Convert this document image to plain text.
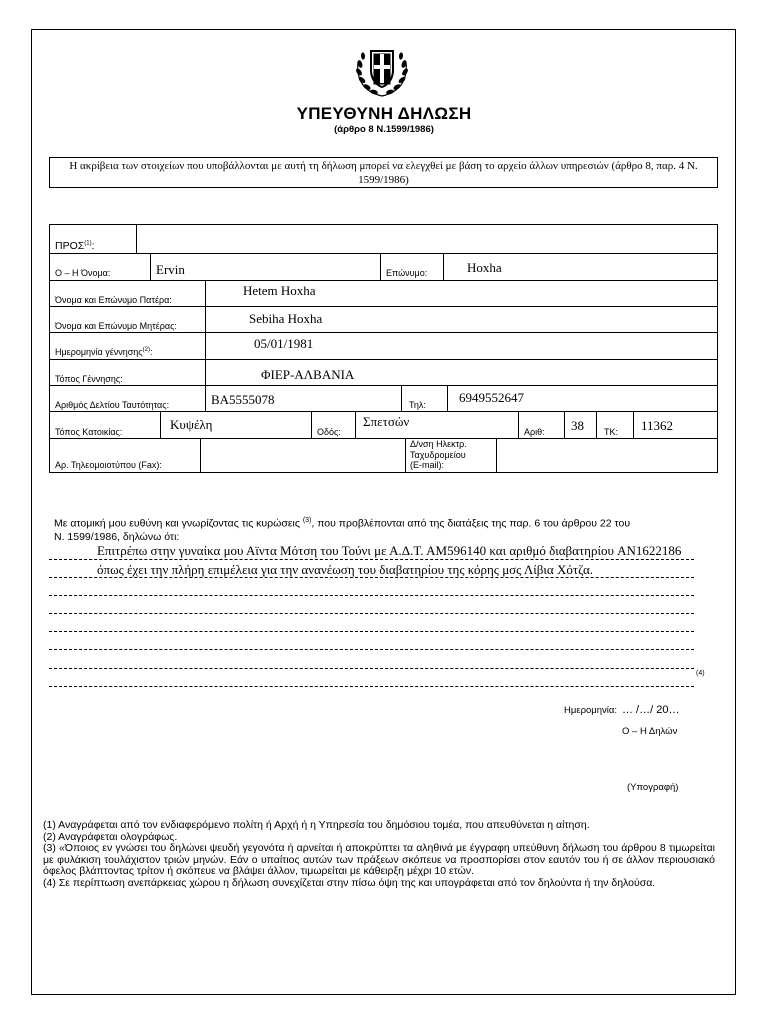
ΥΠΕΥΘΥΝΗ ΔΗΛΩΣΗ
(άρθρο 8 Ν.1599/1986)
Η ακρίβεια των στοιχείων που υποβάλλονται με αυτή τη δήλωση μπορεί να ελεγχθεί με βάση το αρχείο άλλων υπηρεσιών (άρθρο 8, παρ. 4 Ν. 1599/1986)
ΠΡΟΣ$^{(1)}$:
Ο – Η Όνομα:	Ervin	Επώνυμο:	Hoxha
Όνομα και Επώνυμο Πατέρα:
Hetem Hoxha
Όνομα και Επώνυμο Μητέρας:	Sebiha Hoxha
Ημερομηνία γέννησης$^{(2)}$:
05/01/1981
Τόπος Γέννησης:	ΦΙΕΡ-ΑΛΒΑΝΙΑ
Αριθμός Δελτίου Ταυτότητας:	BA5555078	Τηλ:	6949552647
Τόπος Κατοικίας:	Κυψέλη	Οδός:
Σπετσών
Αριθ: 38 ΤΚ: 11362
Αρ. Τηλεομοιοτύπου (Fax):
Δ/νση Ηλεκτρ.
Ταχυδρομείου
(E-mail):
Με ατομική μου ευθύνη και γνωρίζοντας τις κυρώσεις $^{(3)}$, που προβλέπονται από της διατάξεις της παρ. 6 του άρθρου 22 του
Ν. 1599/1986, δηλώνω ότι:
Επιτρέπω στην γυναίκα μου Αϊντα Μότση του Τούνι με Α.Δ.Τ. ΑΜ596140 και αριθμό διαβατηρίου AN1622186
όπως έχει την πλήρη επιμέλεια για την ανανέωση του διαβατηρίου της κόρης μσς Λίβια Χότζα.
(4)
Ημερομηνία: … /…/ 20…
Ο – Η Δηλών
(Υπογραφή)

(1) Αναγράφεται από τον ενδιαφερόμενο πολίτη ή Αρχή ή η Υπηρεσία του δημόσιου τομέα, που απευθύνεται η αίτηση.

(2) Αναγράφεται ολογράφως.

(3) «Όποιος εν γνώσει του δηλώνει ψευδή γεγονότα ή αρνείται ή αποκρύπτει τα αληθινά με έγγραφη υπεύθυνη δήλωση του άρθρου 8 τιμωρείται με φυλάκιση τουλάχιστον τριών μηνών. Εάν ο υπαίτιος αυτών των πράξεων σκόπευε να προσπορίσει στον εαυτόν του ή σε άλλον περιουσιακό όφελος βλάπτοντας τρίτον ή σκόπευε να βλάψει άλλον, τιμωρείται με κάθειρξη μέχρι 10 ετών.

(4) Σε περίπτωση ανεπάρκειας χώρου η δήλωση συνεχίζεται στην πίσω όψη της και υπογράφεται από τον δηλούντα ή την δηλούσα.
